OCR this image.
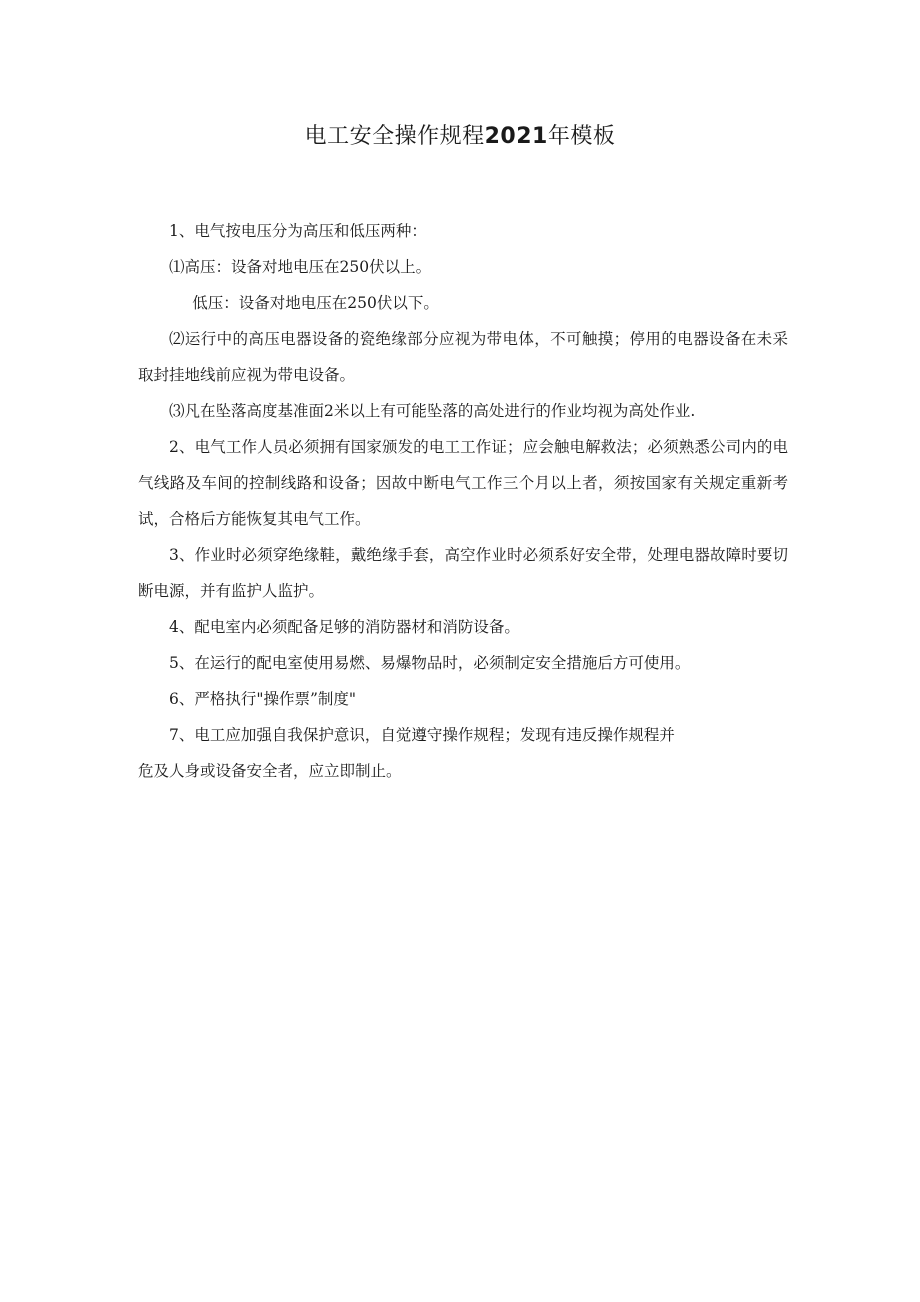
电工安全操作规程2021年模板

1、电气按电压分为高压和低压两种：

⑴高压：设备对地电压在250伏以上。

低压：设备对地电压在250伏以下。

⑵运行中的高压电器设备的瓷绝缘部分应视为带电体，不可触摸；停用的电器设备在未采取封挂地线前应视为带电设备。

⑶凡在坠落高度基准面2米以上有可能坠落的高处进行的作业均视为高处作业.

2、电气工作人员必须拥有国家颁发的电工工作证；应会触电解救法；必须熟悉公司内的电气线路及车间的控制线路和设备；因故中断电气工作三个月以上者，须按国家有关规定重新考试，合格后方能恢复其电气工作。

3、作业时必须穿绝缘鞋，戴绝缘手套，高空作业时必须系好安全带，处理电器故障时要切断电源，并有监护人监护。

4、配电室内必须配备足够的消防器材和消防设备。

5、在运行的配电室使用易燃、易爆物品时，必须制定安全措施后方可使用。

6、严格执行"操作票”制度"

7、电工应加强自我保护意识，自觉遵守操作规程；发现有违反操作规程并

危及人身或设备安全者，应立即制止。
